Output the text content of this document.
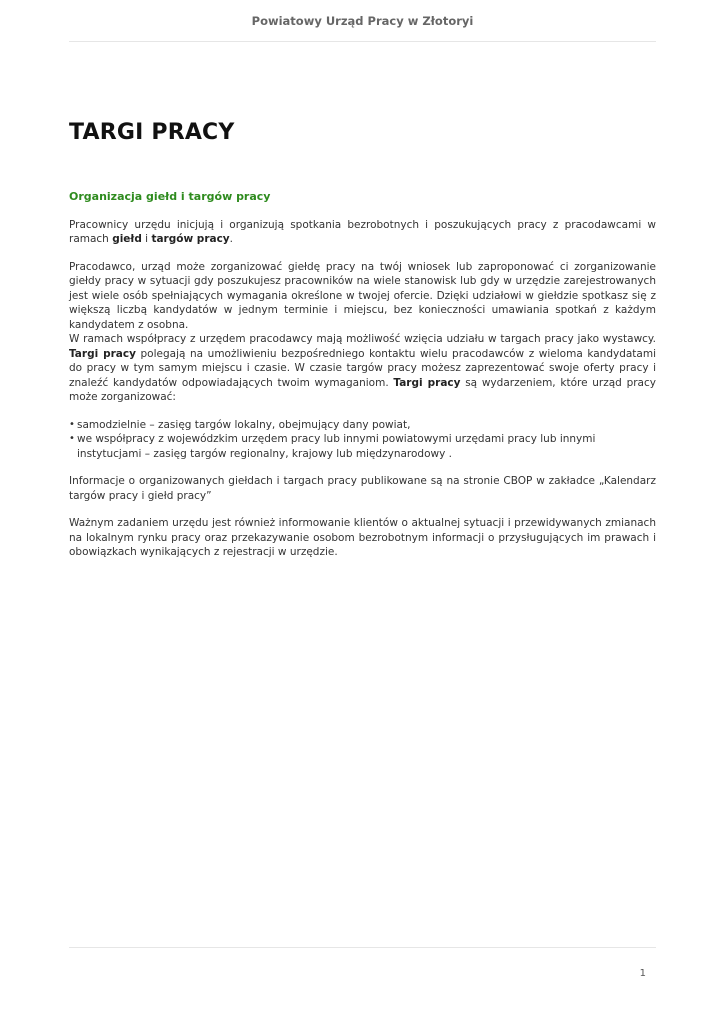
Powiatowy Urząd Pracy w Złotoryi
TARGI PRACY
Organizacja giełd i targów pracy

Pracownicy urzędu inicjują i organizują spotkania bezrobotnych i poszukujących pracy z pracodawcami w ramach giełd i targów pracy.

Pracodawco, urząd może zorganizować giełdę pracy na twój wniosek lub zaproponować ci zorganizowanie giełdy pracy w sytuacji gdy poszukujesz pracowników na wiele stanowisk lub gdy w urzędzie zarejestrowanych jest wiele osób spełniających wymagania określone w twojej ofercie. Dzięki udziałowi w giełdzie spotkasz się z większą liczbą kandydatów w jednym terminie i miejscu, bez konieczności umawiania spotkań z każdym kandydatem z osobna.

W ramach współpracy z urzędem pracodawcy mają możliwość wzięcia udziału w targach pracy jako wystawcy. Targi pracy polegają na umożliwieniu bezpośredniego kontaktu wielu pracodawców z wieloma kandydatami do pracy w tym samym miejscu i czasie. W czasie targów pracy możesz zaprezentować swoje oferty pracy i znaleźć kandydatów odpowiadających twoim wymaganiom. Targi pracy są wydarzeniem, które urząd pracy może zorganizować:

• samodzielnie – zasięg targów lokalny, obejmujący dany powiat,
• we współpracy z wojewódzkim urzędem pracy lub innymi powiatowymi urzędami pracy lub innymi instytucjami – zasięg targów regionalny, krajowy lub międzynarodowy .

Informacje o organizowanych giełdach i targach pracy publikowane są na stronie CBOP w zakładce „Kalendarz targów pracy i giełd pracy”

Ważnym zadaniem urzędu jest również informowanie klientów o aktualnej sytuacji i przewidywanych zmianach na lokalnym rynku pracy oraz przekazywanie osobom bezrobotnym informacji o przysługujących im prawach i obowiązkach wynikających z rejestracji w urzędzie.

1
